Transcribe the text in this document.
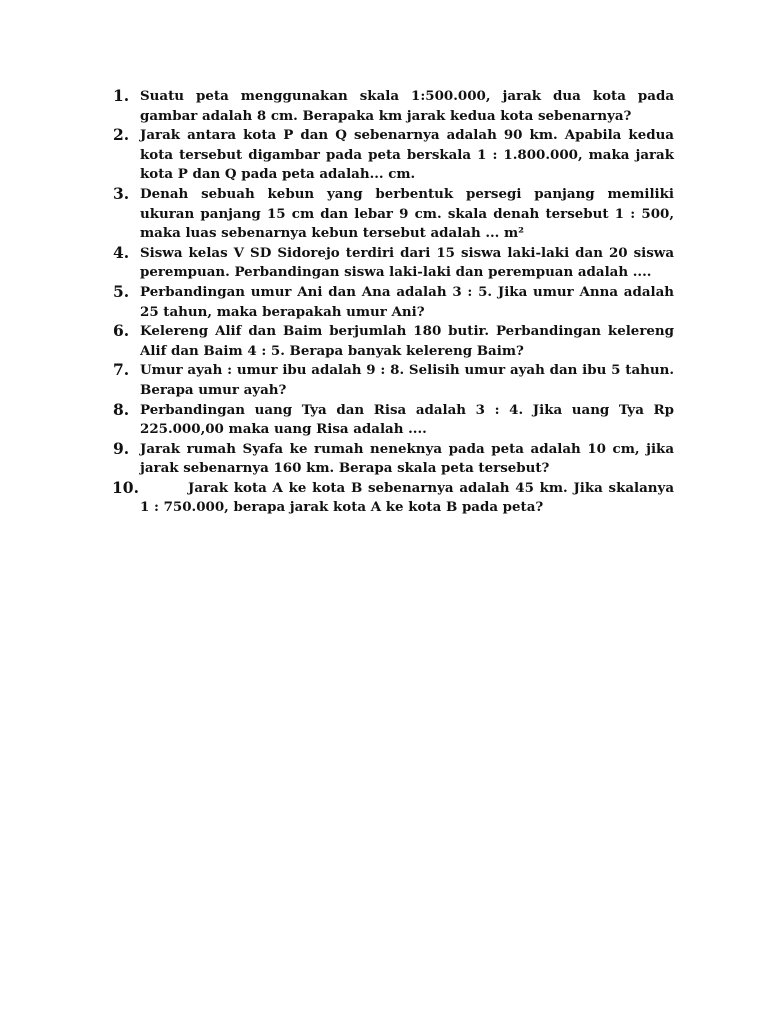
1. Suatu peta menggunakan skala 1:500.000, jarak dua kota pada gambar adalah 8 cm. Berapaka km jarak kedua kota sebenarnya?
2. Jarak antara kota P dan Q sebenarnya adalah 90 km. Apabila kedua kota tersebut digambar pada peta berskala 1 : 1.800.000, maka jarak kota P dan Q pada peta adalah... cm.
3. Denah sebuah kebun yang berbentuk persegi panjang memiliki ukuran panjang 15 cm dan lebar 9 cm. skala denah tersebut 1 : 500, maka luas sebenarnya kebun tersebut adalah ... m²
4. Siswa kelas V SD Sidorejo terdiri dari 15 siswa laki-laki dan 20 siswa perempuan. Perbandingan siswa laki-laki dan perempuan adalah ....
5. Perbandingan umur Ani dan Ana adalah 3 : 5. Jika umur Anna adalah 25 tahun, maka berapakah umur Ani?
6. Kelereng Alif dan Baim berjumlah 180 butir. Perbandingan kelereng Alif dan Baim 4 : 5. Berapa banyak kelereng Baim?
7. Umur ayah : umur ibu adalah 9 : 8. Selisih umur ayah dan ibu 5 tahun. Berapa umur ayah?
8. Perbandingan uang Tya dan Risa adalah 3 : 4. Jika uang Tya Rp 225.000,00 maka uang Risa adalah ....
9. Jarak rumah Syafa ke rumah neneknya pada peta adalah 10 cm, jika jarak sebenarnya 160 km. Berapa skala peta tersebut?
10.	Jarak kota A ke kota B sebenarnya adalah 45 km. Jika skalanya 1 : 750.000, berapa jarak kota A ke kota B pada peta?
